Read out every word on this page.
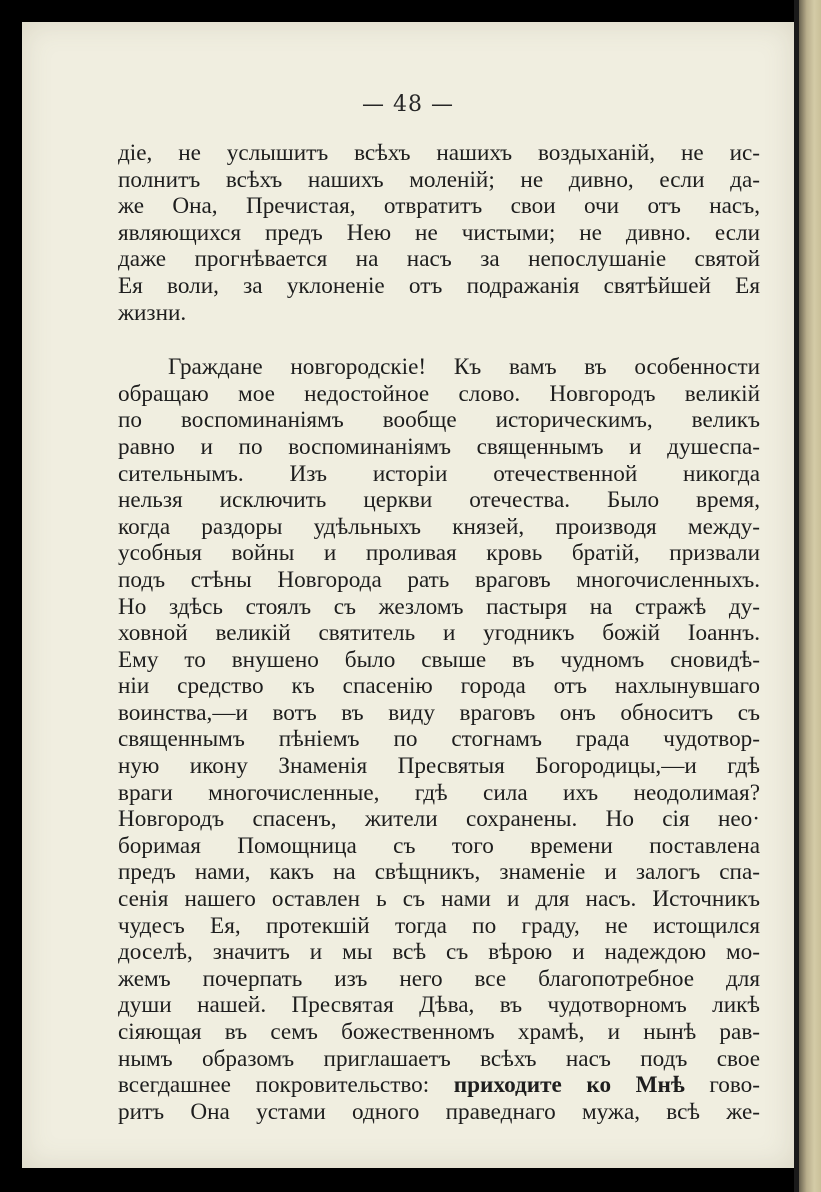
— 48 —
діе, не услышитъ всѣхъ нашихъ воздыханій, не ис-
полнитъ всѣхъ нашихъ моленій; не дивно, если да-
же Она, Пречистая, отвратитъ свои очи отъ насъ,
являющихся предъ Нею не чистыми; не дивно. если
даже прогнѣвается на насъ за непослушаніе святой
Ея воли, за уклоненіе отъ подражанія святѣйшей Ея
жизни.
Граждане новгородскіе! Къ вамъ въ особенности
обращаю мое недостойное слово. Новгородъ великій
по воспоминаніямъ вообще историческимъ, великъ
равно и по воспоминаніямъ священнымъ и душеспа-
сительнымъ. Изъ исторіи отечественной никогда
нельзя исключить церкви отечества. Было время,
когда раздоры удѣльныхъ князей, производя междy-
усобныя войны и проливая кровь братій, призвали
подъ стѣны Новгорода рать враговъ многочисленныхъ.
Но здѣсь стоялъ съ жезломъ пастыря на стражѣ ду-
ховной великій святитель и угодникъ божій Іоаннъ.
Ему то внушено было свыше въ чудномъ сновидѣ-
ніи средство къ спасенію города отъ нахлынувшаго
воинства,—и вотъ въ виду враговъ онъ обноситъ съ
священнымъ пѣніемъ по стогнамъ града чудотвор-
ную икону Знаменія Пресвятыя Богородицы,—и гдѣ
враги многочисленные, гдѣ сила ихъ неодолимая?
Новгородъ спасенъ, жители сохранены. Но сія нео·
боримая Помощница съ того времени поставлена
предъ нами, какъ на свѣщникъ, знаменіе и залогъ спа-
сенія нашего оставлен ь съ нами и для насъ. Источникъ
чудесъ Ея, протекшій тогда по граду, не истощился
доселѣ, значитъ и мы всѣ съ вѣрою и надеждою мо-
жемъ почерпать изъ него все благопотребное для
души нашей. Пресвятая Дѣва, въ чудотворномъ ликѣ
сіяющая въ семъ божественномъ храмѣ, и нынѣ рав-
нымъ образомъ приглашаетъ всѣхъ насъ подъ свое
всегдашнее покровительство: приходите ко Мнѣ гово-
ритъ Она устами одного праведнаго мужа, всѣ же-
